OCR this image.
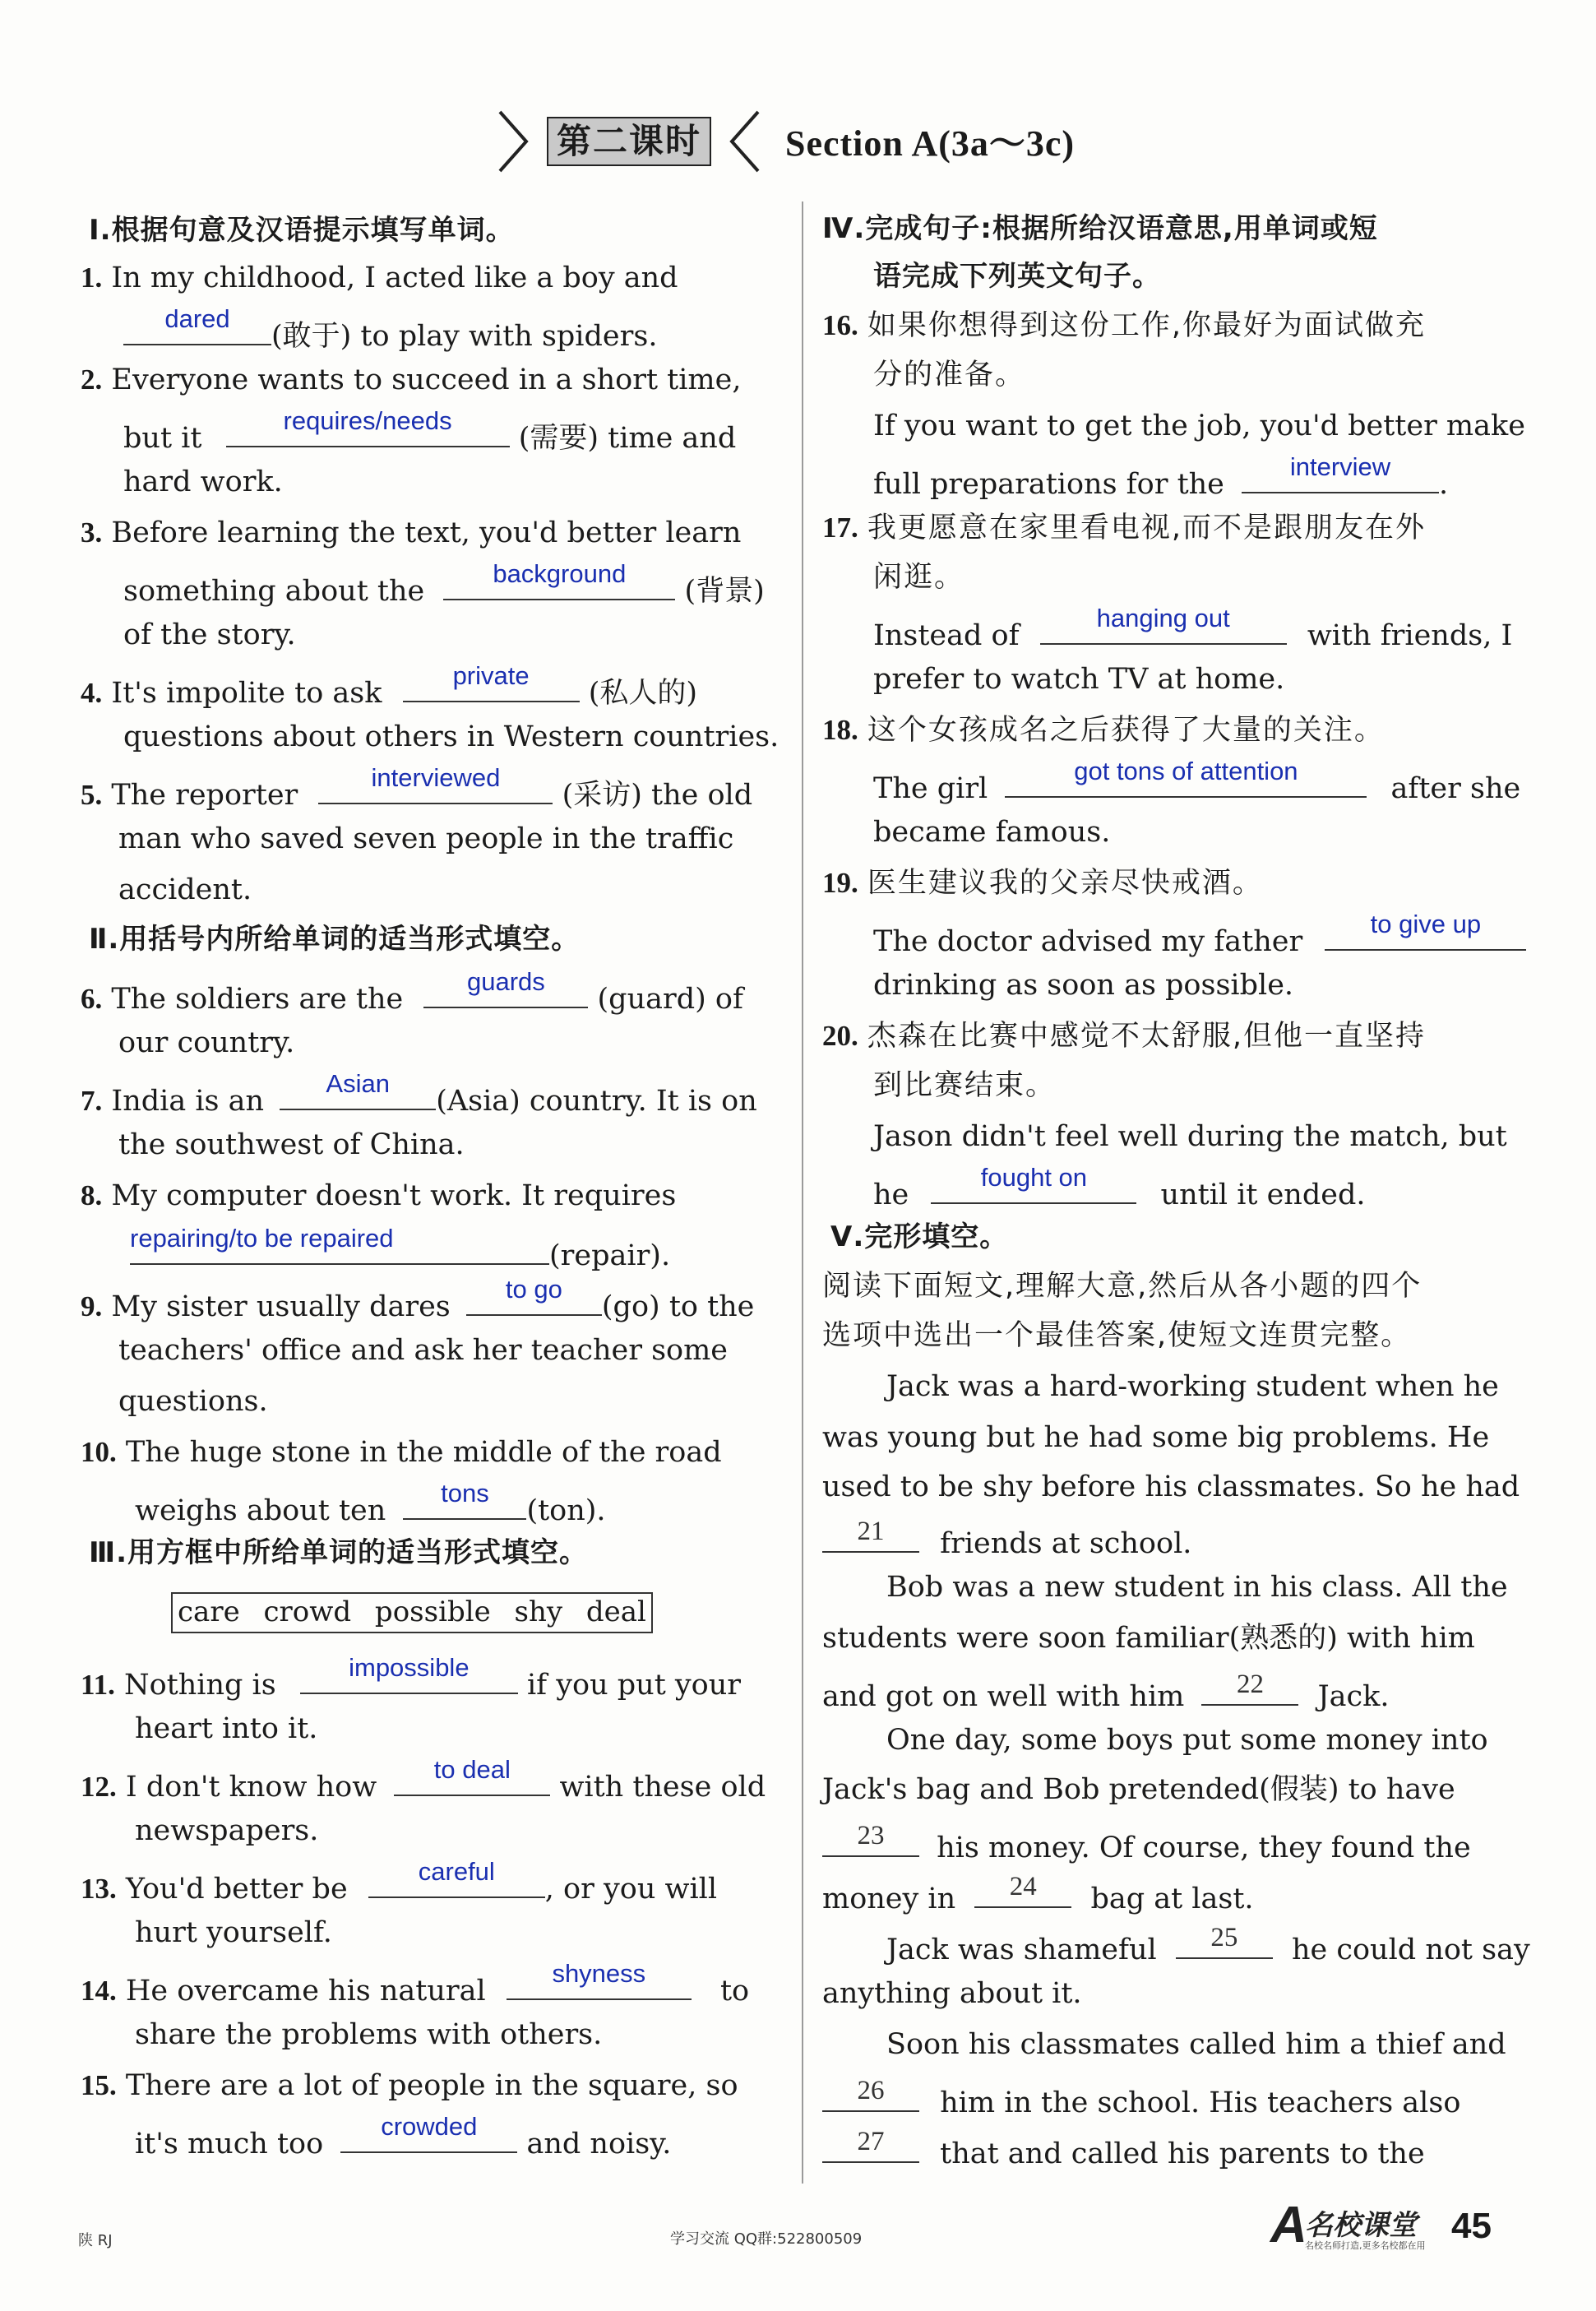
第二课时 Section A(3a～3c)
Ⅰ.根据句意及汉语提示填写单词。
1. In my childhood, I acted like a boy and
dared
(敢于) to play with spiders.
2. Everyone wants to succeed in a short time,
but it
requires/needs
(需要) time and
hard work.
3. Before learning the text, you'd better learn
something about the
background
(背景)
of the story.
4. It's impolite to ask
private
(私人的)
questions about others in Western countries.
5. The reporter
interviewed
(采访) the old
man who saved seven people in the traffic
accident.
Ⅱ.用括号内所给单词的适当形式填空。
6. The soldiers are the
guards
(guard) of
our country.
7. India is an
Asian
(Asia) country. It is on
the southwest of China.
8. My computer doesn't work. It requires
repairing/to be repaired
(repair).
9. My sister usually dares
to go
(go) to the
teachers' office and ask her teacher some
questions.
10. The huge stone in the middle of the road
weighs about ten
tons
(ton).
Ⅲ.用方框中所给单词的适当形式填空。
care crowd possible shy deal
11. Nothing is
impossible
if you put your
heart into it.
12. I don't know how
to deal
with these old
newspapers.
13. You'd better be
careful
, or you will
hurt yourself.
14. He overcame his natural
shyness
to
share the problems with others.
15. There are a lot of people in the square, so
it's much too
crowded
and noisy.
Ⅳ.完成句子:根据所给汉语意思,用单词或短
语完成下列英文句子。
16. 如果你想得到这份工作,你最好为面试做充
分的准备。
If you want to get the job, you'd better make
full preparations for the
interview
.
17. 我更愿意在家里看电视,而不是跟朋友在外
闲逛。
Instead of
hanging out
with friends, I
prefer to watch TV at home.
18. 这个女孩成名之后获得了大量的关注。
The girl
got tons of attention
after she
became famous.
19. 医生建议我的父亲尽快戒酒。
The doctor advised my father
to give up
drinking as soon as possible.
20. 杰森在比赛中感觉不太舒服,但他一直坚持
到比赛结束。
Jason didn't feel well during the match, but
he
fought on
until it ended.
Ⅴ.完形填空。
阅读下面短文,理解大意,然后从各小题的四个
选项中选出一个最佳答案,使短文连贯完整。
Jack was a hard-working student when he
was young but he had some big problems. He
used to be shy before his classmates. So he had
21	friends at school.
Bob was a new student in his class. All the
students were soon familiar(熟悉的) with him
and got on well with him	22	Jack.
One day, some boys put some money into
Jack's bag and Bob pretended(假装) to have
23	his money. Of course, they found the
money in	24	bag at last.
Jack was shameful	25	he could not say
anything about it.
Soon his classmates called him a thief and
26	him in the school. His teachers also
27	that and called his parents to the
陕 RJ	学习交流 QQ群:522800509	A
名校课堂
名校名师打造,更多名校都在用 45
